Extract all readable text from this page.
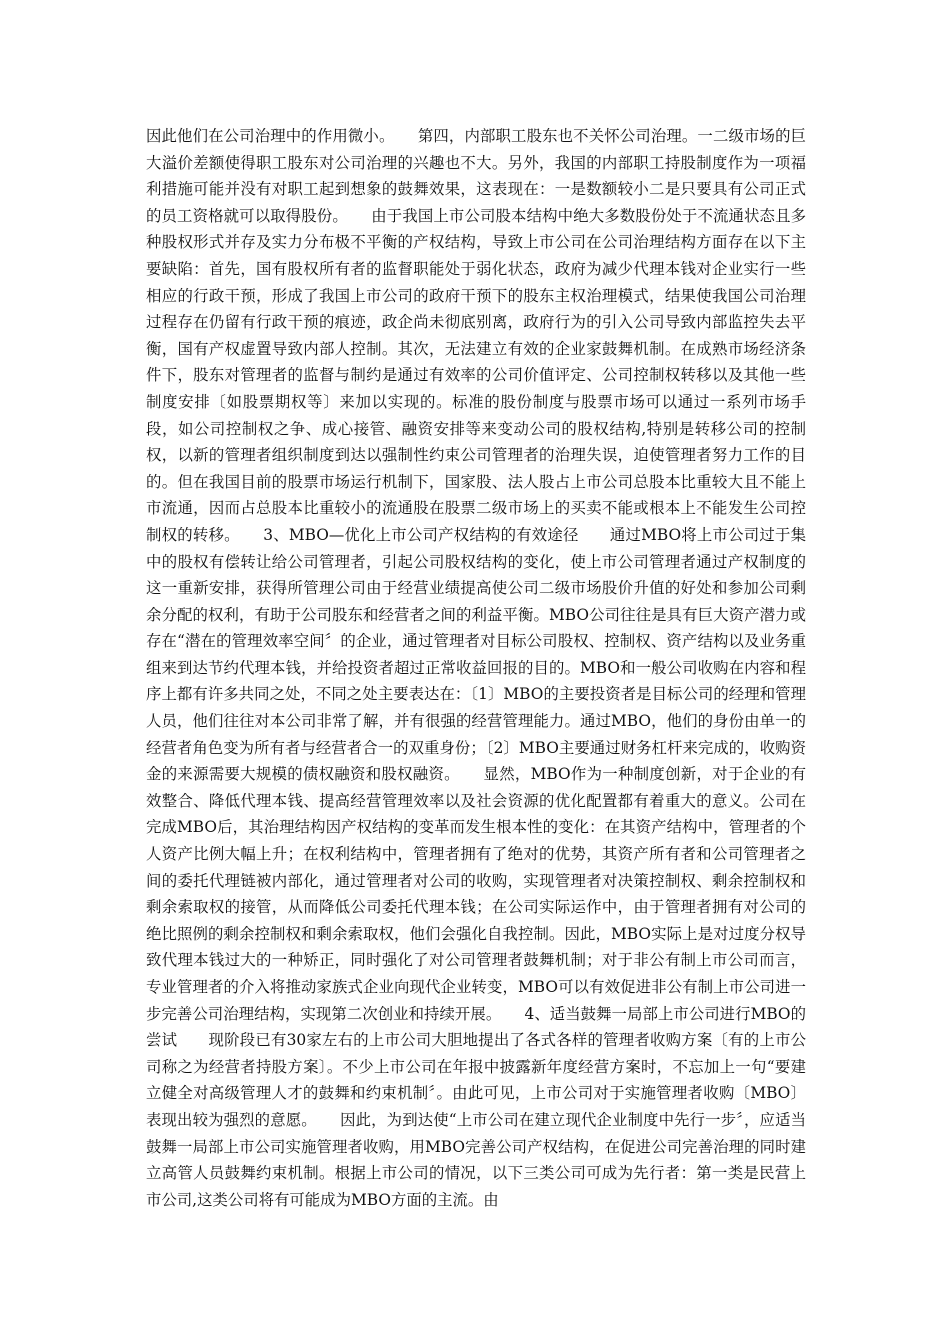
因此他们在公司治理中的作用微小。　　第四，内部职工股东也不关怀公司治理。一二级市场的巨大溢价差额使得职工股东对公司治理的兴趣也不大。另外，我国的内部职工持股制度作为一项福利措施可能并没有对职工起到想象的鼓舞效果，这表现在：一是数额较小二是只要具有公司正式的员工资格就可以取得股份。　　由于我国上市公司股本结构中绝大多数股份处于不流通状态且多种股权形式并存及实力分布极不平衡的产权结构，导致上市公司在公司治理结构方面存在以下主要缺陷：首先，国有股权所有者的监督职能处于弱化状态，政府为减少代理本钱对企业实行一些相应的行政干预，形成了我国上市公司的政府干预下的股东主权治理模式，结果使我国公司治理过程存在仍留有行政干预的痕迹，政企尚未彻底别离，政府行为的引入公司导致内部监控失去平衡，国有产权虚置导致内部人控制。其次，无法建立有效的企业家鼓舞机制。在成熟市场经济条件下，股东对管理者的监督与制约是通过有效率的公司价值评定、公司控制权转移以及其他一些制度安排〔如股票期权等〕来加以实现的。标准的股份制度与股票市场可以通过一系列市场手段，如公司控制权之争、成心接管、融资安排等来变动公司的股权结构,特别是转移公司的控制权，以新的管理者组织制度到达以强制性约束公司管理者的治理失误，迫使管理者努力工作的目的。但在我国目前的股票市场运行机制下，国家股、法人股占上市公司总股本比重较大且不能上市流通，因而占总股本比重较小的流通股在股票二级市场上的买卖不能或根本上不能发生公司控制权的转移。　　3、MBO—优化上市公司产权结构的有效途径　　通过MBO将上市公司过于集中的股权有偿转让给公司管理者，引起公司股权结构的变化，使上市公司管理者通过产权制度的这一重新安排，获得所管理公司由于经营业绩提高使公司二级市场股价升值的好处和参加公司剩余分配的权利，有助于公司股东和经营者之间的利益平衡。MBO公司往往是具有巨大资产潜力或存在“潜在的管理效率空间〞的企业，通过管理者对目标公司股权、控制权、资产结构以及业务重组来到达节约代理本钱，并给投资者超过正常收益回报的目的。MBO和一般公司收购在内容和程序上都有许多共同之处，不同之处主要表达在：〔1〕MBO的主要投资者是目标公司的经理和管理人员，他们往往对本公司非常了解，并有很强的经营管理能力。通过MBO，他们的身份由单一的经营者角色变为所有者与经营者合一的双重身份；〔2〕MBO主要通过财务杠杆来完成的，收购资金的来源需要大规模的债权融资和股权融资。　　显然，MBO作为一种制度创新，对于企业的有效整合、降低代理本钱、提高经营管理效率以及社会资源的优化配置都有着重大的意义。公司在完成MBO后，其治理结构因产权结构的变革而发生根本性的变化：在其资产结构中，管理者的个人资产比例大幅上升；在权利结构中，管理者拥有了绝对的优势，其资产所有者和公司管理者之间的委托代理链被内部化，通过管理者对公司的收购，实现管理者对决策控制权、剩余控制权和剩余索取权的接管，从而降低公司委托代理本钱；在公司实际运作中，由于管理者拥有对公司的绝比照例的剩余控制权和剩余索取权，他们会强化自我控制。因此，MBO实际上是对过度分权导致代理本钱过大的一种矫正，同时强化了对公司管理者鼓舞机制；对于非公有制上市公司而言，专业管理者的介入将推动家族式企业向现代企业转变，MBO可以有效促进非公有制上市公司进一步完善公司治理结构，实现第二次创业和持续开展。　　4、适当鼓舞一局部上市公司进行MBO的尝试　　现阶段已有30家左右的上市公司大胆地提出了各式各样的管理者收购方案〔有的上市公司称之为经营者持股方案〕。不少上市公司在年报中披露新年度经营方案时，不忘加上一句“要建立健全对高级管理人才的鼓舞和约束机制〞。由此可见，上市公司对于实施管理者收购〔MBO〕表现出较为强烈的意愿。　　因此，为到达使“上市公司在建立现代企业制度中先行一步〞，应适当鼓舞一局部上市公司实施管理者收购，用MBO完善公司产权结构，在促进公司完善治理的同时建立高管人员鼓舞约束机制。根据上市公司的情况，以下三类公司可成为先行者：第一类是民营上市公司,这类公司将有可能成为MBO方面的主流。由
